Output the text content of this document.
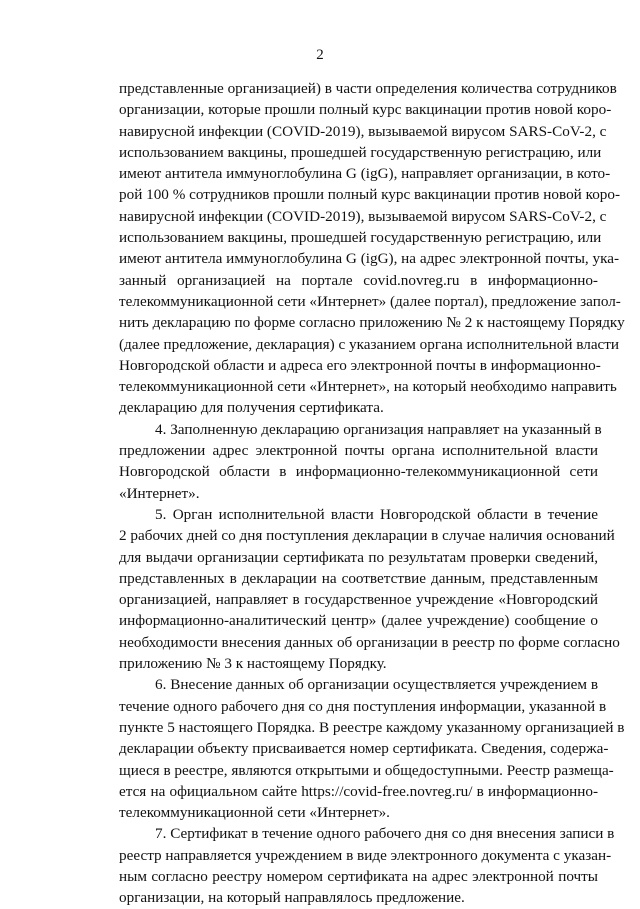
2
представленные организацией) в части определения количества сотрудников
организации, которые прошли полный курс вакцинации против новой коро-
навирусной инфекции (COVID-2019), вызываемой вирусом SARS-CoV-2, с
использованием вакцины, прошедшей государственную регистрацию, или
имеют антитела иммуноглобулина G (igG), направляет организации, в кото-
рой 100 % сотрудников прошли полный курс вакцинации против новой коро-
навирусной инфекции (COVID-2019), вызываемой вирусом SARS-CoV-2, с
использованием вакцины, прошедшей государственную регистрацию, или
имеют антитела иммуноглобулина G (igG), на адрес электронной почты, ука-
занный организацией на портале covid.novreg.ru в информационно-
телекоммуникационной сети «Интернет» (далее портал), предложение запол-
нить декларацию по форме согласно приложению № 2 к настоящему Порядку
(далее предложение, декларация) с указанием органа исполнительной власти
Новгородской области и адреса его электронной почты в информационно-
телекоммуникационной сети «Интернет», на который необходимо направить
декларацию для получения сертификата.
4. Заполненную декларацию организация направляет на указанный в
предложении адрес электронной почты органа исполнительной власти
Новгородской области в информационно-телекоммуникационной сети
«Интернет».
5. Орган исполнительной власти Новгородской области в течение
2 рабочих дней со дня поступления декларации в случае наличия оснований
для выдачи организации сертификата по результатам проверки сведений,
представленных в декларации на соответствие данным, представленным
организацией, направляет в государственное учреждение «Новгородский
информационно-аналитический центр» (далее учреждение) сообщение о
необходимости внесения данных об организации в реестр по форме согласно
приложению № 3 к настоящему Порядку.
6. Внесение данных об организации осуществляется учреждением в
течение одного рабочего дня со дня поступления информации, указанной в
пункте 5 настоящего Порядка. В реестре каждому указанному организацией в
декларации объекту присваивается номер сертификата. Сведения, содержа-
щиеся в реестре, являются открытыми и общедоступными. Реестр размеща-
ется на официальном сайте https://covid-free.novreg.ru/ в информационно-
телекоммуникационной сети «Интернет».
7. Сертификат в течение одного рабочего дня со дня внесения записи в
реестр направляется учреждением в виде электронного документа с указан-
ным согласно реестру номером сертификата на адрес электронной почты
организации, на который направлялось предложение.
